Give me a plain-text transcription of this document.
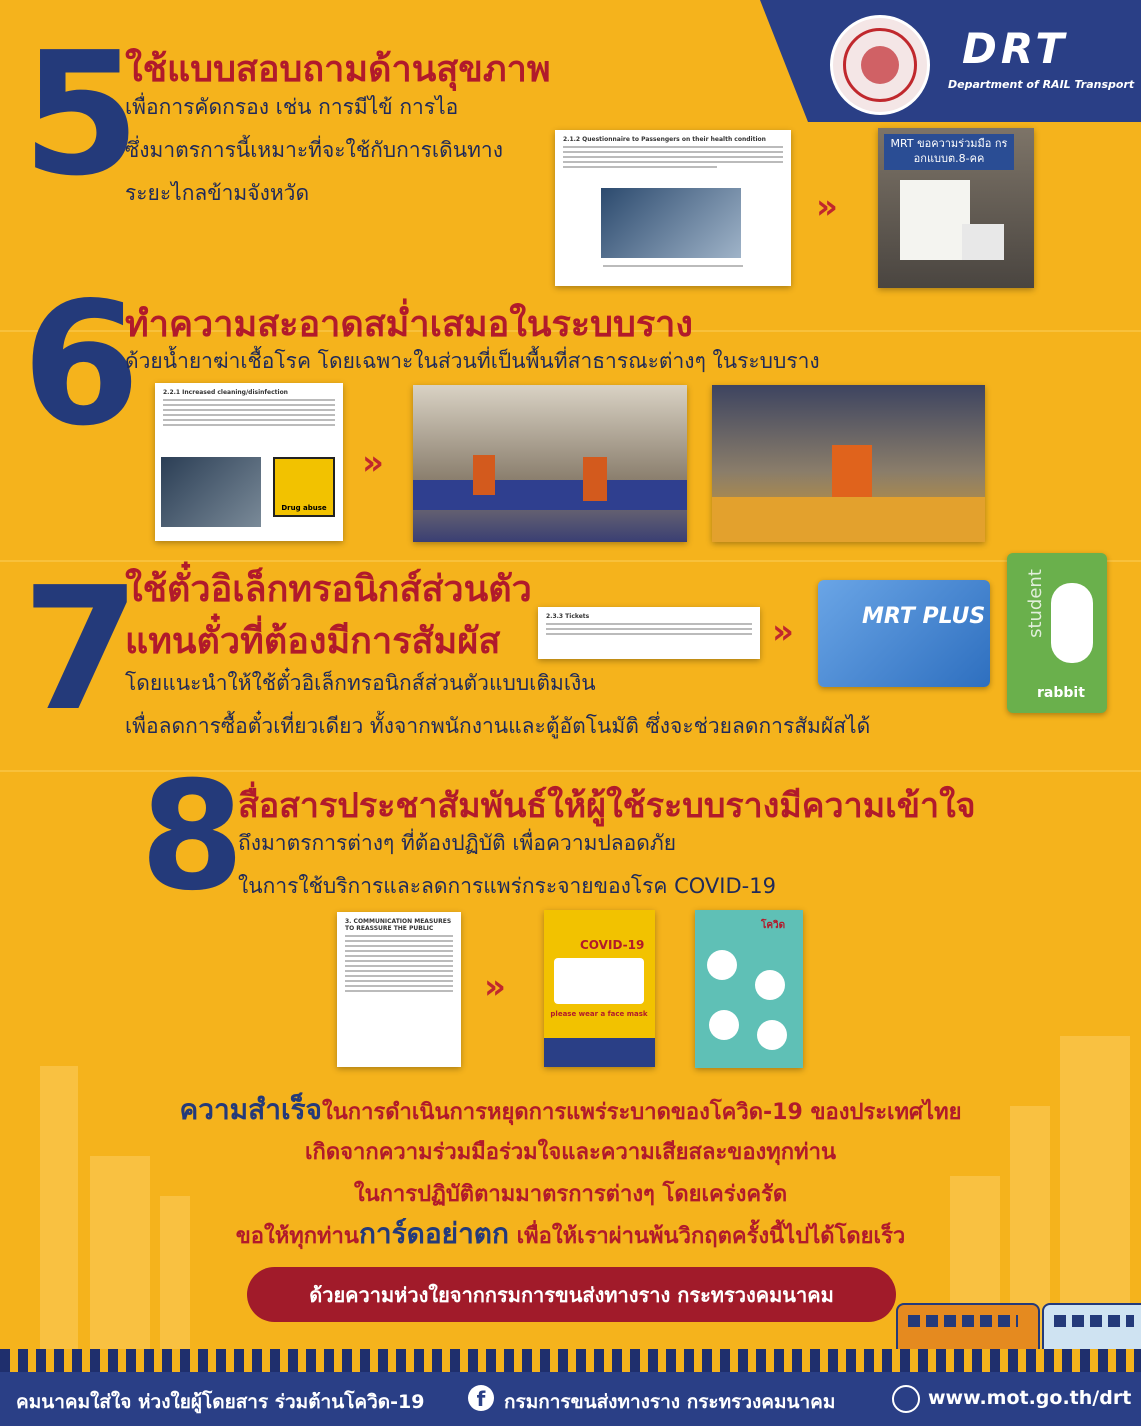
DRT
Department of RAIL Transport
5
ใช้แบบสอบถามด้านสุขภาพ
เพื่อการคัดกรอง เช่น การมีไข้ การไอ
ซึ่งมาตรการนี้เหมาะที่จะใช้กับการเดินทาง
ระยะไกลข้ามจังหวัด
2.1.2 Questionnaire to Passengers on their health condition
»
MRT ขอความร่วมมือ กรอกแบบต.8-คค
6
ทำความสะอาดสม่ำเสมอในระบบราง
ด้วยน้ำยาฆ่าเชื้อโรค โดยเฉพาะในส่วนที่เป็นพื้นที่สาธารณะต่างๆ ในระบบราง
2.2.1 Increased cleaning/disinfection
Drug abuse
»
7
ใช้ตั๋วอิเล็กทรอนิกส์ส่วนตัว
แทนตั๋วที่ต้องมีการสัมผัส
โดยแนะนำให้ใช้ตั๋วอิเล็กทรอนิกส์ส่วนตัวแบบเติมเงิน
เพื่อลดการซื้อตั๋วเที่ยวเดียว ทั้งจากพนักงานและตู้อัตโนมัติ ซึ่งจะช่วยลดการสัมผัสได้
2.3.3 Tickets	»	MRT PLUS student
rabbit
8
สื่อสารประชาสัมพันธ์ให้ผู้ใช้ระบบรางมีความเข้าใจ
ถึงมาตรการต่างๆ ที่ต้องปฏิบัติ เพื่อความปลอดภัย
ในการใช้บริการและลดการแพร่กระจายของโรค COVID-19
3. COMMUNICATION MEASURES TO REASSURE THE PUBLIC
»
COVID-19
please wear a face mask
โควิด
ความสำเร็จในการดำเนินการหยุดการแพร่ระบาดของโควิด-19 ของประเทศไทย
เกิดจากความร่วมมือร่วมใจและความเสียสละของทุกท่าน
ในการปฏิบัติตามมาตรการต่างๆ โดยเคร่งครัด
ขอให้ทุกท่านการ์ดอย่าตก เพื่อให้เราผ่านพ้นวิกฤตครั้งนี้ไปได้โดยเร็ว
ด้วยความห่วงใยจากกรมการขนส่งทางราง กระทรวงคมนาคม
คมนาคมใส่ใจ ห่วงใยผู้โดยสาร ร่วมต้านโควิด-19	f กรมการขนส่งทางราง กระทรวงคมนาคม	www.mot.go.th/drt
